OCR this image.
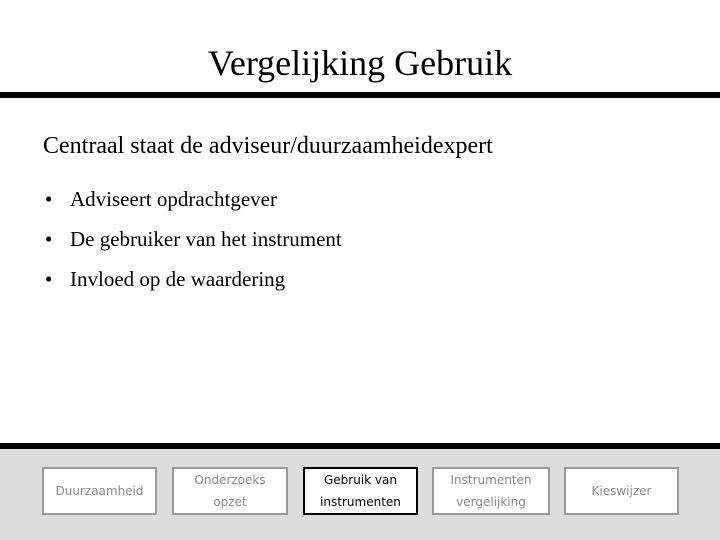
Vergelijking Gebruik
Centraal staat de adviseur/duurzaamheidexpert
• Adviseert opdrachtgever
• De gebruiker van het instrument
• Invloed op de waardering
Duurzaamheid
Onderzoeks
opzet
Gebruik van
instrumenten
Instrumenten
vergelijking
Kieswijzer
